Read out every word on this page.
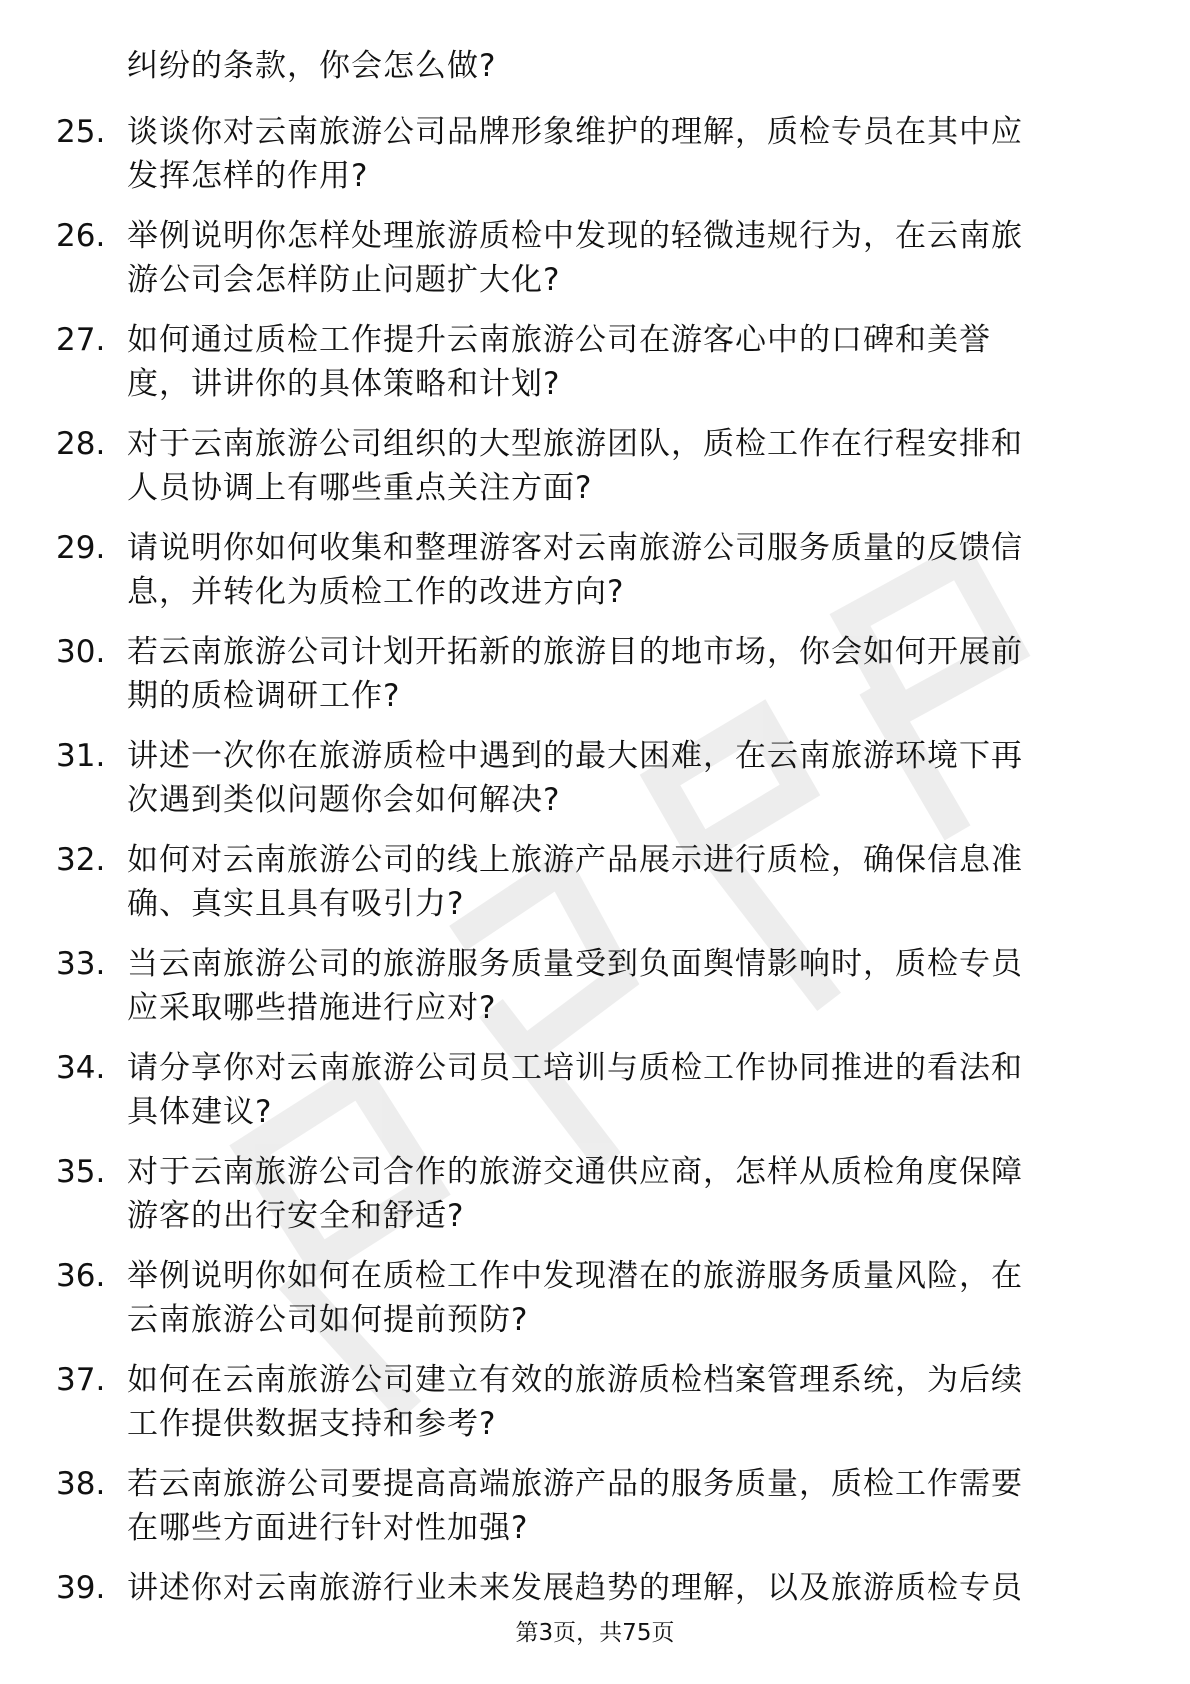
纠纷的条款，你会怎么做?
25. 谈谈你对云南旅游公司品牌形象维护的理解，质检专员在其中应
发挥怎样的作用?
26. 举例说明你怎样处理旅游质检中发现的轻微违规行为，在云南旅
游公司会怎样防止问题扩大化?
27. 如何通过质检工作提升云南旅游公司在游客心中的口碑和美誉
度，讲讲你的具体策略和计划?
28. 对于云南旅游公司组织的大型旅游团队，质检工作在行程安排和
人员协调上有哪些重点关注方面?
29. 请说明你如何收集和整理游客对云南旅游公司服务质量的反馈信
息，并转化为质检工作的改进方向?
30. 若云南旅游公司计划开拓新的旅游目的地市场，你会如何开展前
期的质检调研工作?
31. 讲述一次你在旅游质检中遇到的最大困难，在云南旅游环境下再
次遇到类似问题你会如何解决?
32. 如何对云南旅游公司的线上旅游产品展示进行质检，确保信息准
确、真实且具有吸引力?
33. 当云南旅游公司的旅游服务质量受到负面舆情影响时，质检专员
应采取哪些措施进行应对?
34. 请分享你对云南旅游公司员工培训与质检工作协同推进的看法和
具体建议?
35. 对于云南旅游公司合作的旅游交通供应商，怎样从质检角度保障
游客的出行安全和舒适?
36. 举例说明你如何在质检工作中发现潜在的旅游服务质量风险，在
云南旅游公司如何提前预防?
37. 如何在云南旅游公司建立有效的旅游质检档案管理系统，为后续
工作提供数据支持和参考?
38. 若云南旅游公司要提高高端旅游产品的服务质量，质检工作需要
在哪些方面进行针对性加强?
39. 讲述你对云南旅游行业未来发展趋势的理解，以及旅游质检专员
第3页，共75页
